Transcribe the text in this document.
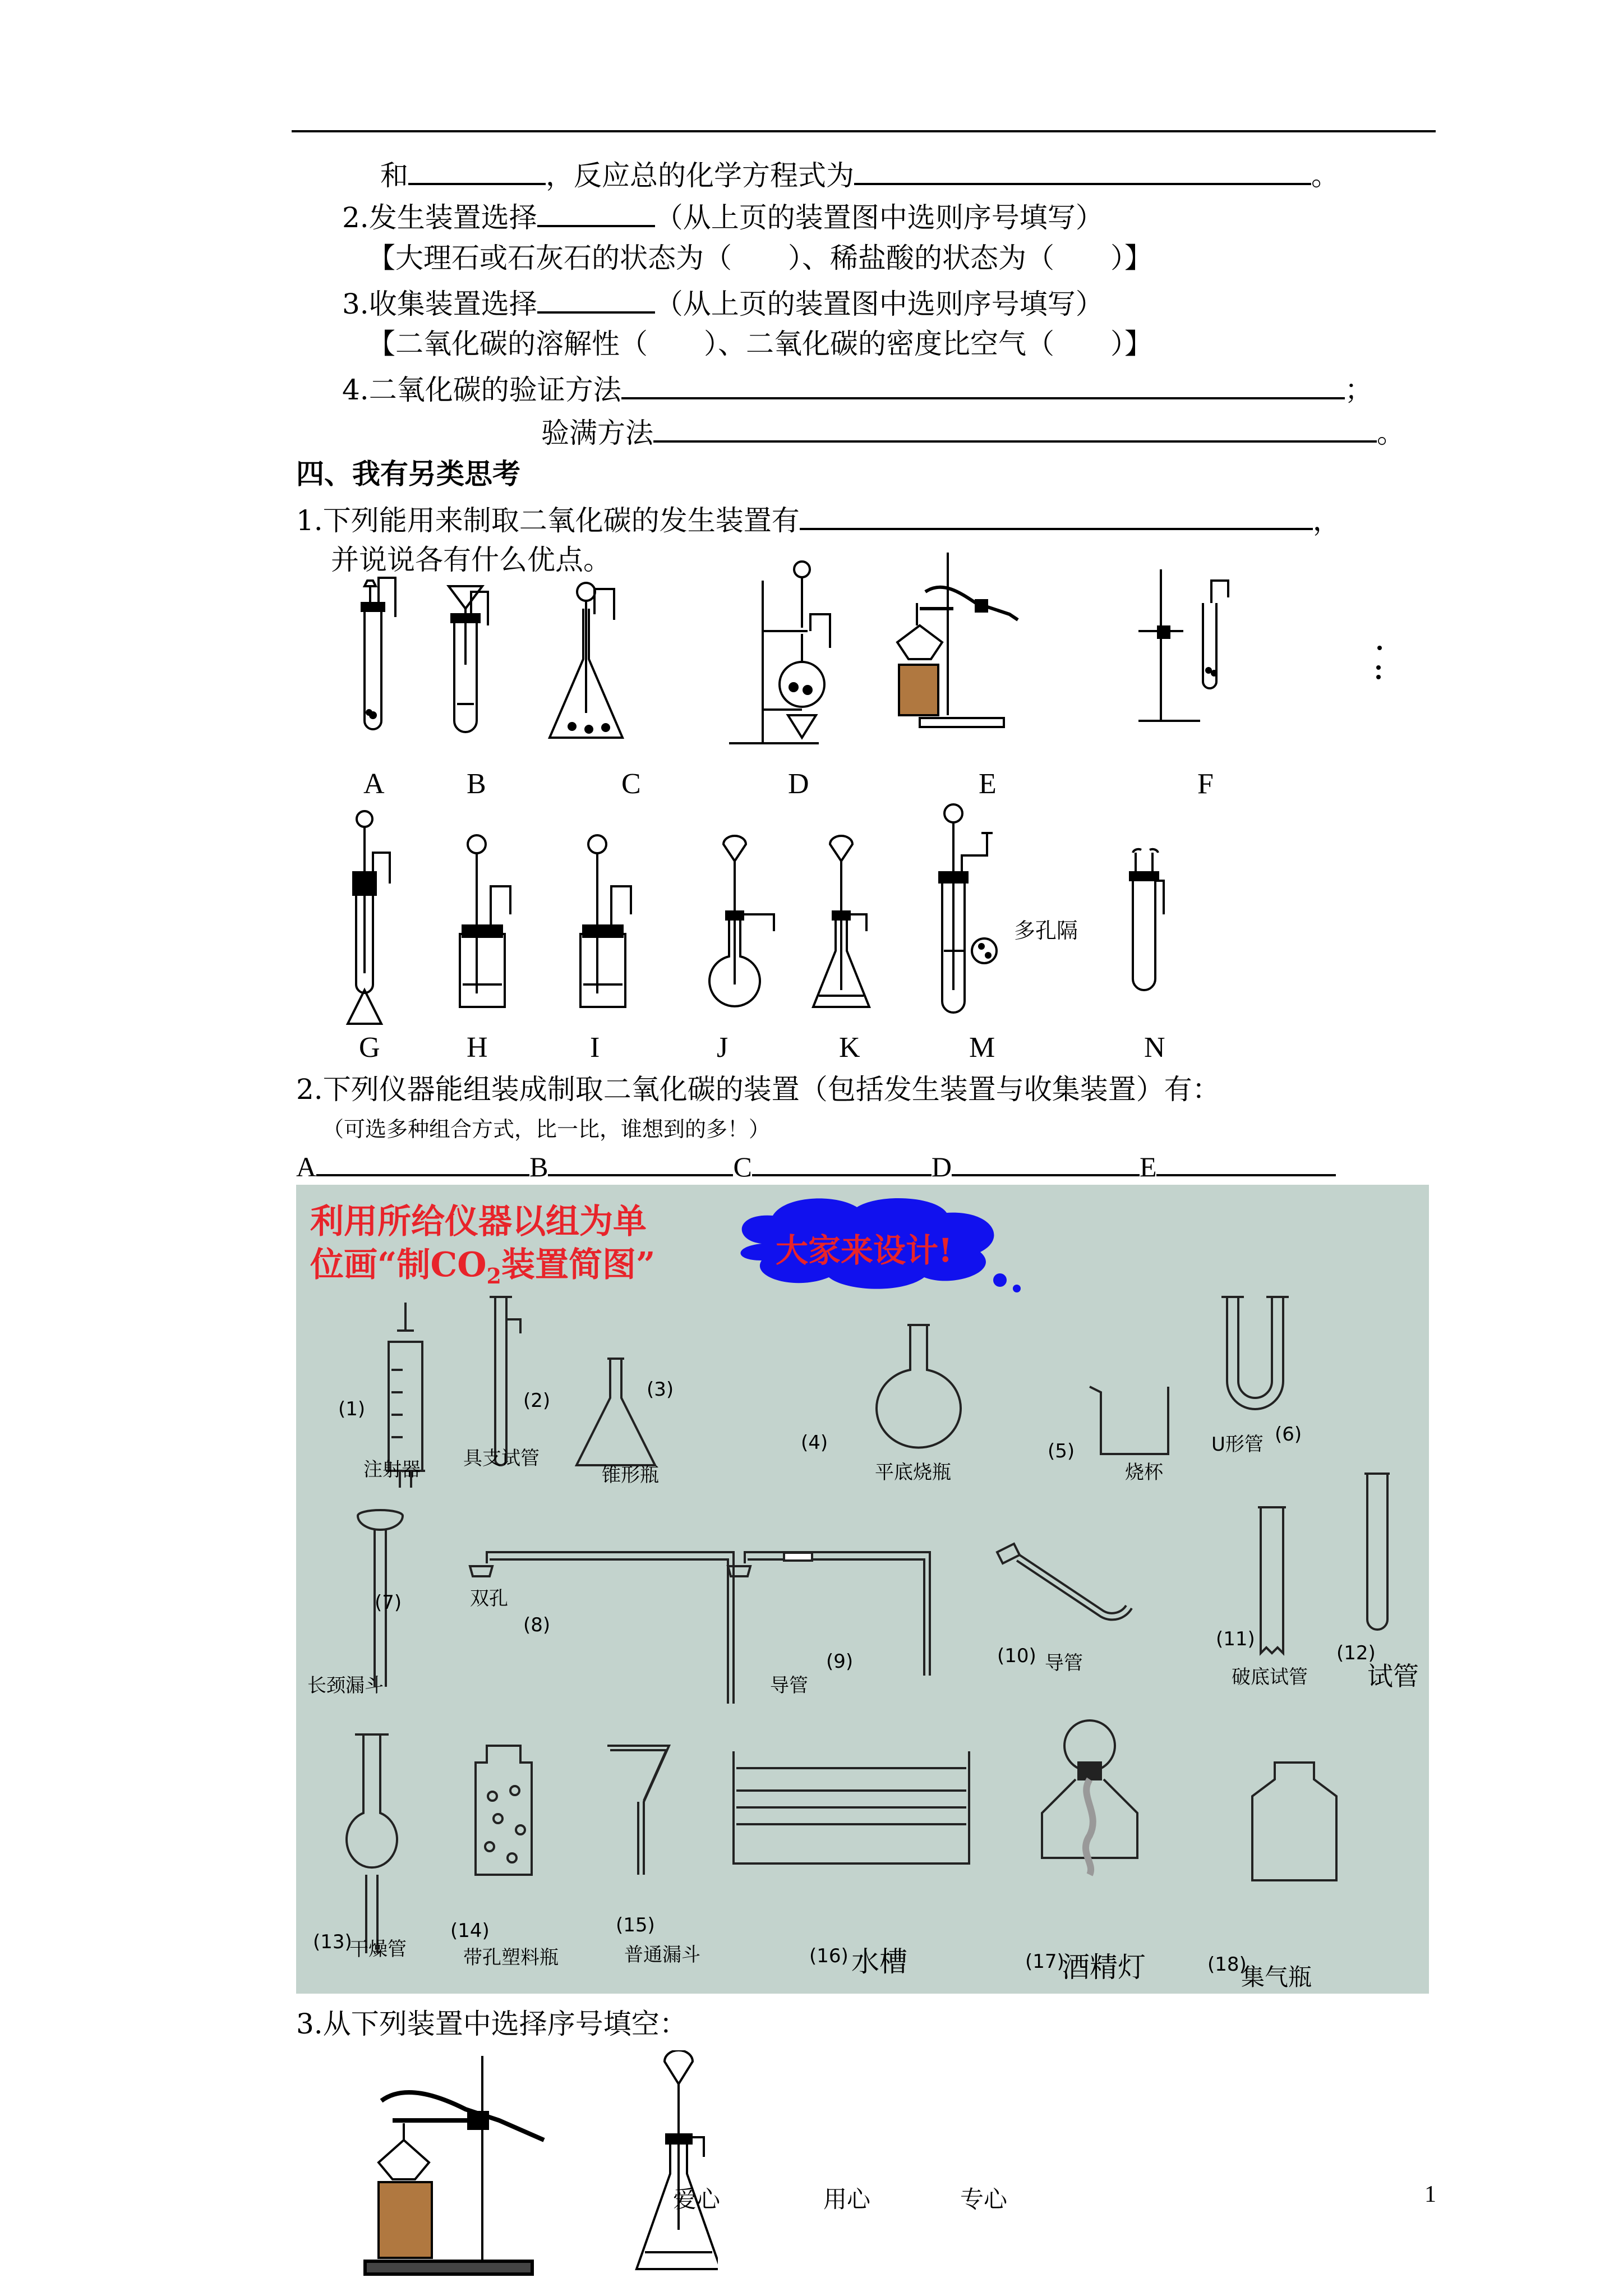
和	，反应总的化学方程式为	。
2.发生装置选择	（从上页的装置图中选则序号填写）
【大理石或石灰石的状态为（　　）、稀盐酸的状态为（　　）】
3.收集装置选择	（从上页的装置图中选则序号填写）
【二氧化碳的溶解性（　　）、二氧化碳的密度比空气（　　）】
4.二氧化碳的验证方法	；
验满方法	。
四、我有另类思考
1.下列能用来制取二氧化碳的发生装置有	，
并说说各有什么优点。
A	B	C	D	E	F
多孔隔
G	H	I	J	K	M	N
2.下列仪器能组装成制取二氧化碳的装置（包括发生装置与收集装置）有：
（可选多种组合方式，比一比，谁想到的多！）
A	B	C	D	E
利用所给仪器以组为单
位画“制$CO_2$装置简图”	大家来设计!
(1)
注射器
(2)
具支试管
(3)
锥形瓶
(4)
平底烧瓶
(5)
烧杯
U形管 (6)
(7)
长颈漏斗
双孔
(8)
(9)
导管
(10) 导管
(11)
破底试管
(12)
试管
(13)
干燥管
(14)
带孔塑料瓶
(15)
普通漏斗	(16) 水槽	(17)
酒精灯	(18)
集气瓶
3.从下列装置中选择序号填空：
爱心	用心	专心	1
